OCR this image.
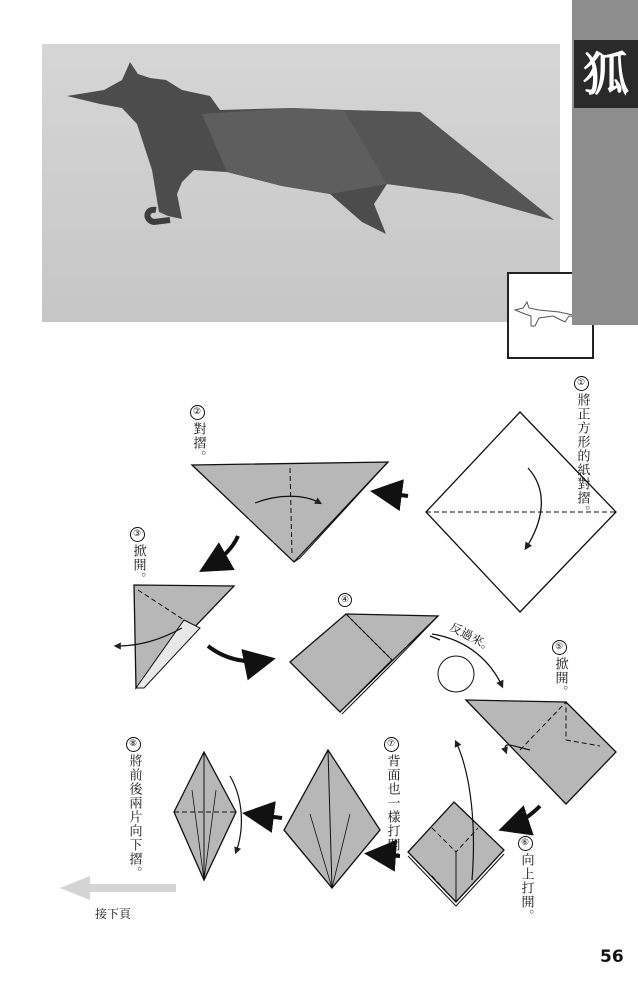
狐
①將正方形的紙對摺。
②對摺。
③掀開。
④
⑤掀開。
⑥向上打開。
⑦背面也一樣打開。
⑧將前後兩片向下摺。
反過來。
接下頁
56
